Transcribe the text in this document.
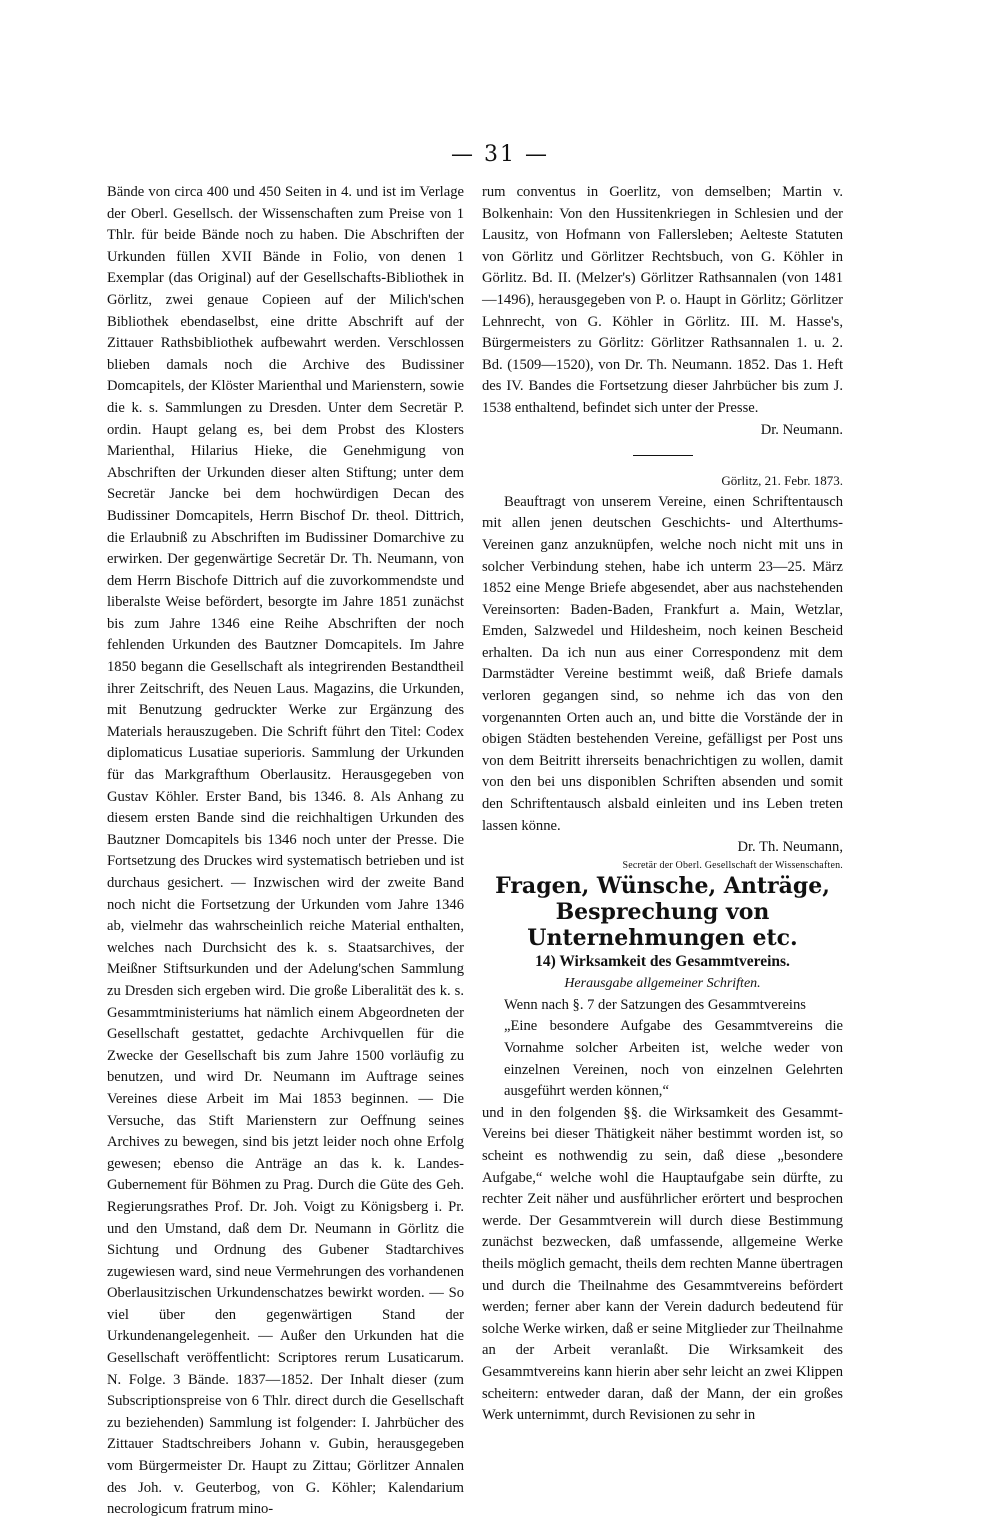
— 31 —

Bände von circa 400 und 450 Seiten in 4. und ist im Verlage der Oberl. Gesellsch. der Wissenschaften zum Preise von 1 Thlr. für beide Bände noch zu haben. Die Abschriften der Urkunden füllen XVII Bände in Folio, von denen 1 Exemplar (das Original) auf der Gesellschafts-Bibliothek in Görlitz, zwei genaue Copieen auf der Milich'schen Bibliothek ebendaselbst, eine dritte Abschrift auf der Zittauer Rathsbibliothek aufbewahrt werden. Verschlossen blieben damals noch die Archive des Budissiner Domcapitels, der Klöster Marienthal und Marienstern, sowie die k. s. Sammlungen zu Dresden. Unter dem Secretär P. ordin. Haupt gelang es, bei dem Probst des Klosters Marienthal, Hilarius Hieke, die Genehmigung von Abschriften der Urkunden dieser alten Stiftung; unter dem Secretär Jancke bei dem hochwürdigen Decan des Budissiner Domcapitels, Herrn Bischof Dr. theol. Dittrich, die Erlaubniß zu Abschriften im Budissiner Domarchive zu erwirken. Der gegenwärtige Secretär Dr. Th. Neumann, von dem Herrn Bischofe Dittrich auf die zuvorkommendste und liberalste Weise befördert, besorgte im Jahre 1851 zunächst bis zum Jahre 1346 eine Reihe Abschriften der noch fehlenden Urkunden des Bautzner Domcapitels. Im Jahre 1850 begann die Gesellschaft als integrirenden Bestandtheil ihrer Zeitschrift, des Neuen Laus. Magazins, die Urkunden, mit Benutzung gedruckter Werke zur Ergänzung des Materials herauszugeben. Die Schrift führt den Titel: Codex diplomaticus Lusatiae superioris. Sammlung der Urkunden für das Markgrafthum Oberlausitz. Herausgegeben von Gustav Köhler. Erster Band, bis 1346. 8. Als Anhang zu diesem ersten Bande sind die reichhaltigen Urkunden des Bautzner Domcapitels bis 1346 noch unter der Presse. Die Fortsetzung des Druckes wird systematisch betrieben und ist durchaus gesichert. — Inzwischen wird der zweite Band noch nicht die Fortsetzung der Urkunden vom Jahre 1346 ab, vielmehr das wahrscheinlich reiche Material enthalten, welches nach Durchsicht des k. s. Staatsarchives, der Meißner Stiftsurkunden und der Adelung'schen Sammlung zu Dresden sich ergeben wird. Die große Liberalität des k. s. Gesammtministeriums hat nämlich einem Abgeordneten der Gesellschaft gestattet, gedachte Archivquellen für die Zwecke der Gesellschaft bis zum Jahre 1500 vorläufig zu benutzen, und wird Dr. Neumann im Auftrage seines Vereines diese Arbeit im Mai 1853 beginnen. — Die Versuche, das Stift Marienstern zur Oeffnung seines Archives zu bewegen, sind bis jetzt leider noch ohne Erfolg gewesen; ebenso die Anträge an das k. k. Landes-Gubernement für Böhmen zu Prag. Durch die Güte des Geh. Regierungsrathes Prof. Dr. Joh. Voigt zu Königsberg i. Pr. und den Umstand, daß dem Dr. Neumann in Görlitz die Sichtung und Ordnung des Gubener Stadtarchives zugewiesen ward, sind neue Vermehrungen des vorhandenen Oberlausitzischen Urkundenschatzes bewirkt worden. — So viel über den gegenwärtigen Stand der Urkundenangelegenheit. — Außer den Urkunden hat die Gesellschaft veröffentlicht: Scriptores rerum Lusaticarum. N. Folge. 3 Bände. 1837—1852. Der Inhalt dieser (zum Subscriptionspreise von 6 Thlr. direct durch die Gesellschaft zu beziehenden) Sammlung ist folgender: I. Jahrbücher des Zittauer Stadtschreibers Johann v. Gubin, herausgegeben vom Bürgermeister Dr. Haupt zu Zittau; Görlitzer Annalen des Joh. v. Geuterbog, von G. Köhler; Kalendarium necrologicum fratrum mino-

rum conventus in Goerlitz, von demselben; Martin v. Bolkenhain: Von den Hussitenkriegen in Schlesien und der Lausitz, von Hofmann von Fallersleben; Aelteste Statuten von Görlitz und Görlitzer Rechtsbuch, von G. Köhler in Görlitz. Bd. II. (Melzer's) Görlitzer Rathsannalen (von 1481—1496), herausgegeben von P. o. Haupt in Görlitz; Görlitzer Lehnrecht, von G. Köhler in Görlitz. III. M. Hasse's, Bürgermeisters zu Görlitz: Görlitzer Rathsannalen 1. u. 2. Bd. (1509—1520), von Dr. Th. Neumann. 1852. Das 1. Heft des IV. Bandes die Fortsetzung dieser Jahrbücher bis zum J. 1538 enthaltend, befindet sich unter der Presse.

Dr. Neumann.

Görlitz, 21. Febr. 1873.

Beauftragt von unserem Vereine, einen Schriftentausch mit allen jenen deutschen Geschichts- und Alterthums-Vereinen ganz anzuknüpfen, welche noch nicht mit uns in solcher Verbindung stehen, habe ich unterm 23—25. März 1852 eine Menge Briefe abgesendet, aber aus nachstehenden Vereinsorten: Baden-Baden, Frankfurt a. Main, Wetzlar, Emden, Salzwedel und Hildesheim, noch keinen Bescheid erhalten. Da ich nun aus einer Correspondenz mit dem Darmstädter Vereine bestimmt weiß, daß Briefe damals verloren gegangen sind, so nehme ich das von den vorgenannten Orten auch an, und bitte die Vorstände der in obigen Städten bestehenden Vereine, gefälligst per Post uns von dem Beitritt ihrerseits benachrichtigen zu wollen, damit von den bei uns disponiblen Schriften absenden und somit den Schriftentausch alsbald einleiten und ins Leben treten lassen könne.

Dr. Th. Neumann,

Secretär der Oberl. Gesellschaft der Wissenschaften.

Fragen, Wünsche, Anträge, Besprechung von Unternehmungen etc.

14) Wirksamkeit des Gesammtvereins.

Herausgabe allgemeiner Schriften.

Wenn nach §. 7 der Satzungen des Gesammtvereins

„Eine besondere Aufgabe des Gesammtvereins die Vornahme solcher Arbeiten ist, welche weder von einzelnen Vereinen, noch von einzelnen Gelehrten ausgeführt werden können,“

und in den folgenden §§. die Wirksamkeit des Gesammt-Vereins bei dieser Thätigkeit näher bestimmt worden ist, so scheint es nothwendig zu sein, daß diese „besondere Aufgabe,“ welche wohl die Hauptaufgabe sein dürfte, zu rechter Zeit näher und ausführlicher erörtert und besprochen werde. Der Gesammtverein will durch diese Bestimmung zunächst bezwecken, daß umfassende, allgemeine Werke theils möglich gemacht, theils dem rechten Manne übertragen und durch die Theilnahme des Gesammtvereins befördert werden; ferner aber kann der Verein dadurch bedeutend für solche Werke wirken, daß er seine Mitglieder zur Theilnahme an der Arbeit veranlaßt. Die Wirksamkeit des Gesammtvereins kann hierin aber sehr leicht an zwei Klippen scheitern: entweder daran, daß der Mann, der ein großes Werk unternimmt, durch Revisionen zu sehr in
